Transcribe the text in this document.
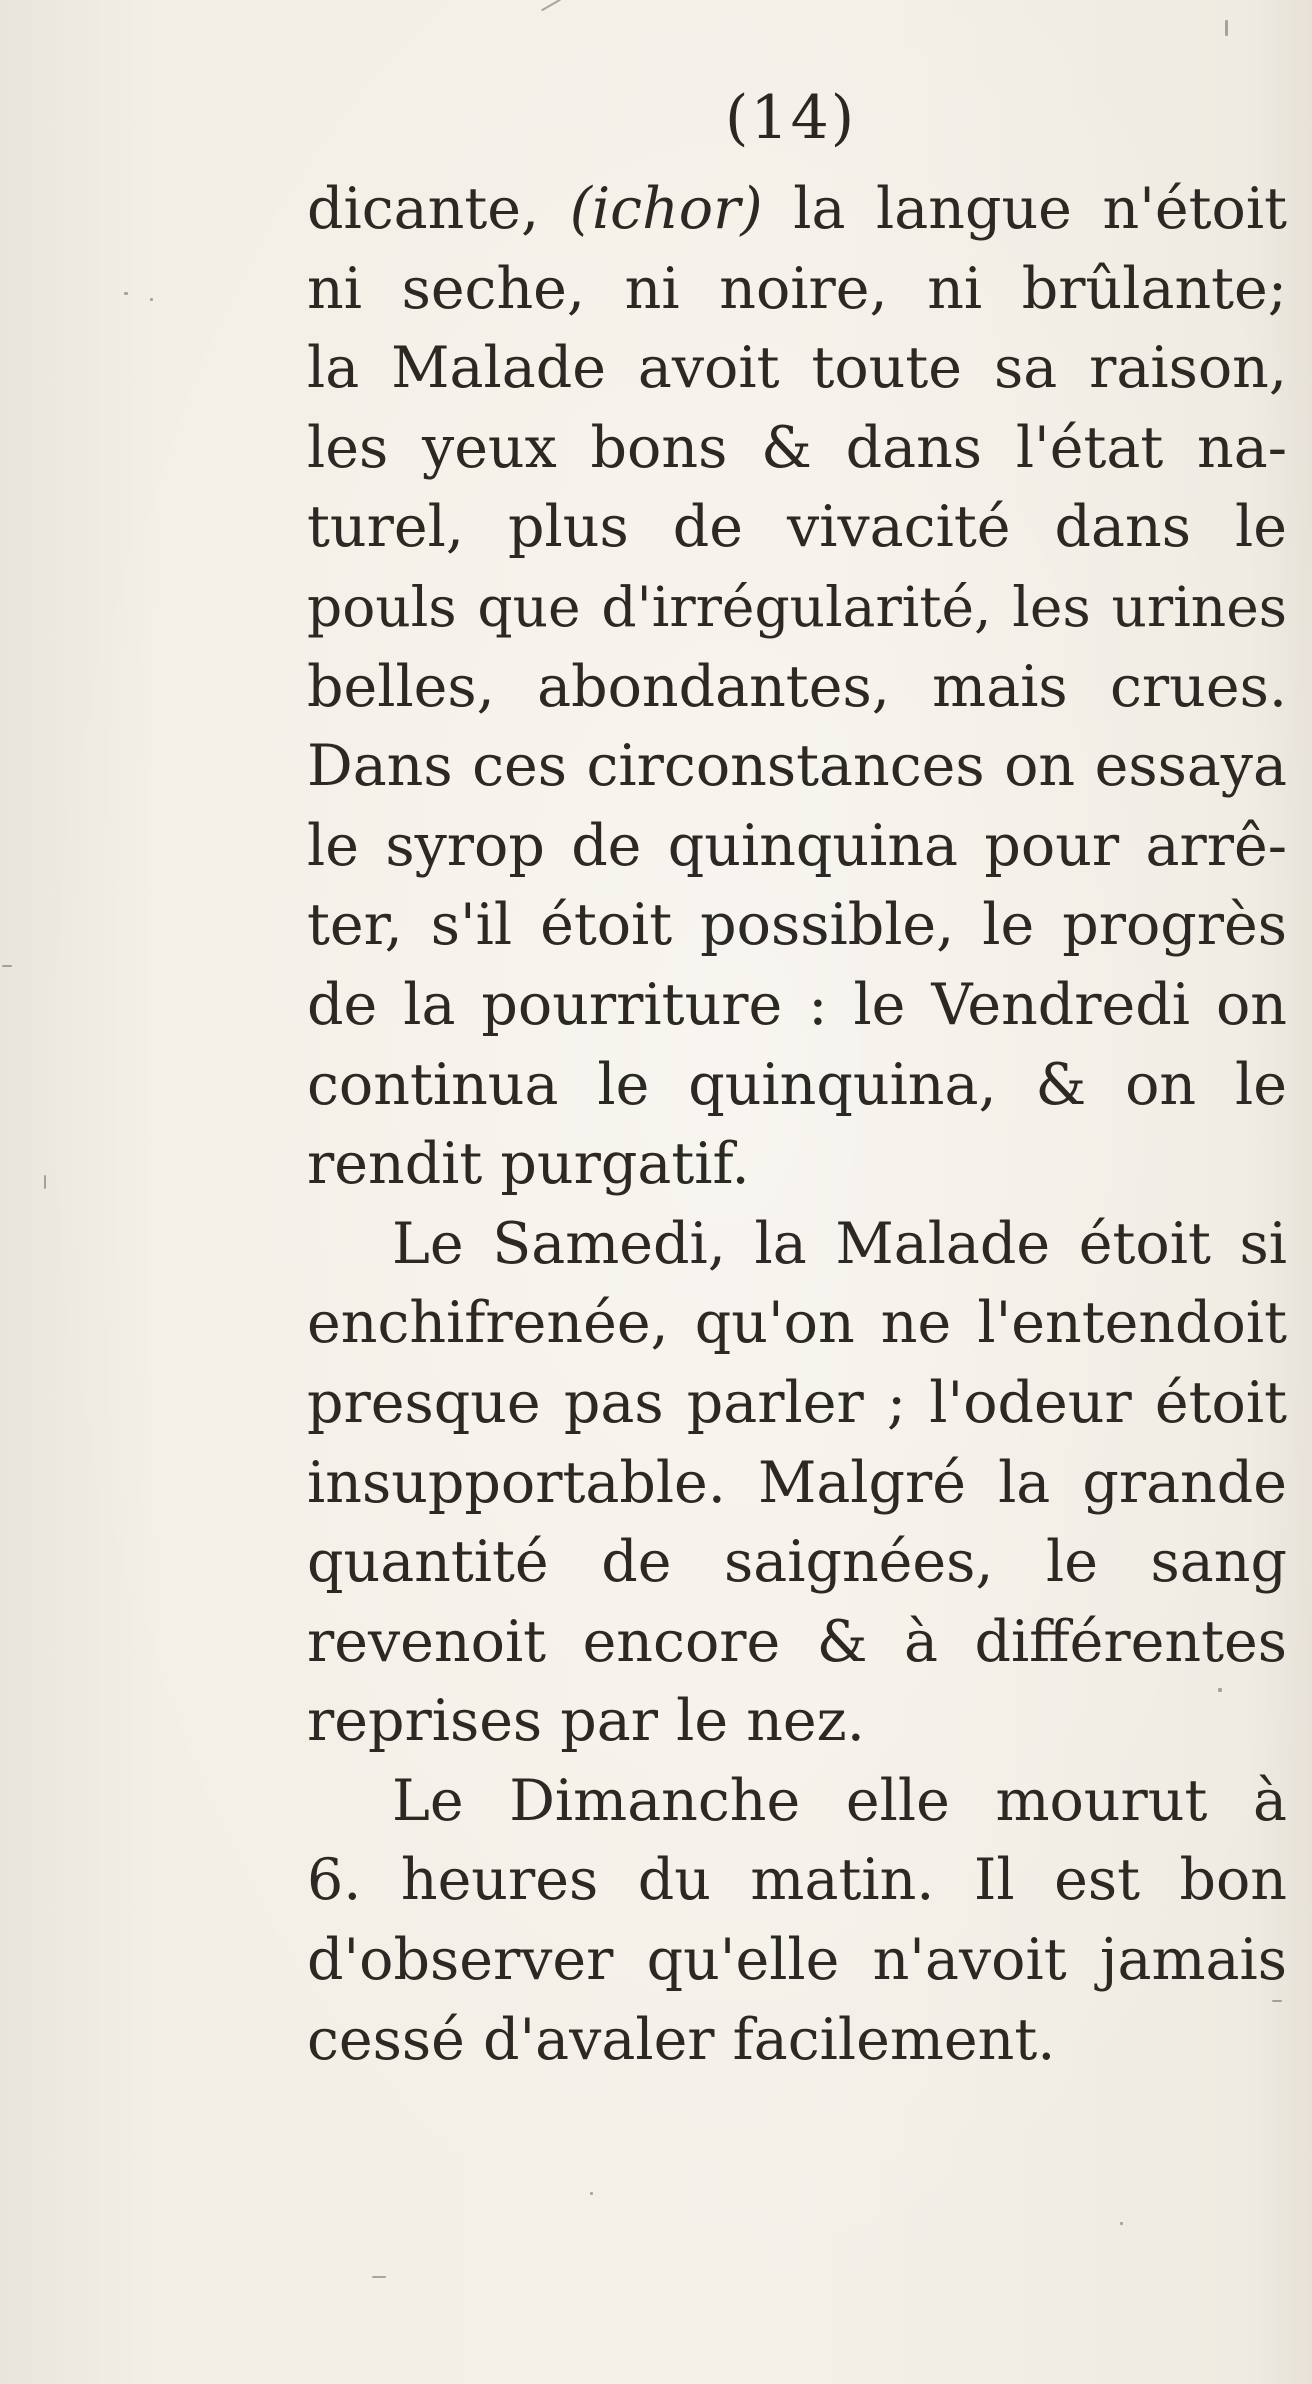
(14)
dicante, (ichor) la langue n'étoit
ni seche, ni noire, ni brûlante;
la Malade avoit toute sa raison,
les yeux bons & dans l'état na-
turel, plus de vivacité dans le
pouls que d'irrégularité, les urines
belles, abondantes, mais crues.
Dans ces circonstances on essaya
le syrop de quinquina pour arrê-
ter, s'il étoit possible, le progrès
de la pourriture : le Vendredi on
continua le quinquina, & on le
rendit purgatif.
Le Samedi, la Malade étoit si
enchifrenée, qu'on ne l'entendoit
presque pas parler ; l'odeur étoit
insupportable. Malgré la grande
quantité de saignées, le sang
revenoit encore & à différentes
reprises par le nez.
Le Dimanche elle mourut à
6. heures du matin. Il est bon
d'observer qu'elle n'avoit jamais
cessé d'avaler facilement.
